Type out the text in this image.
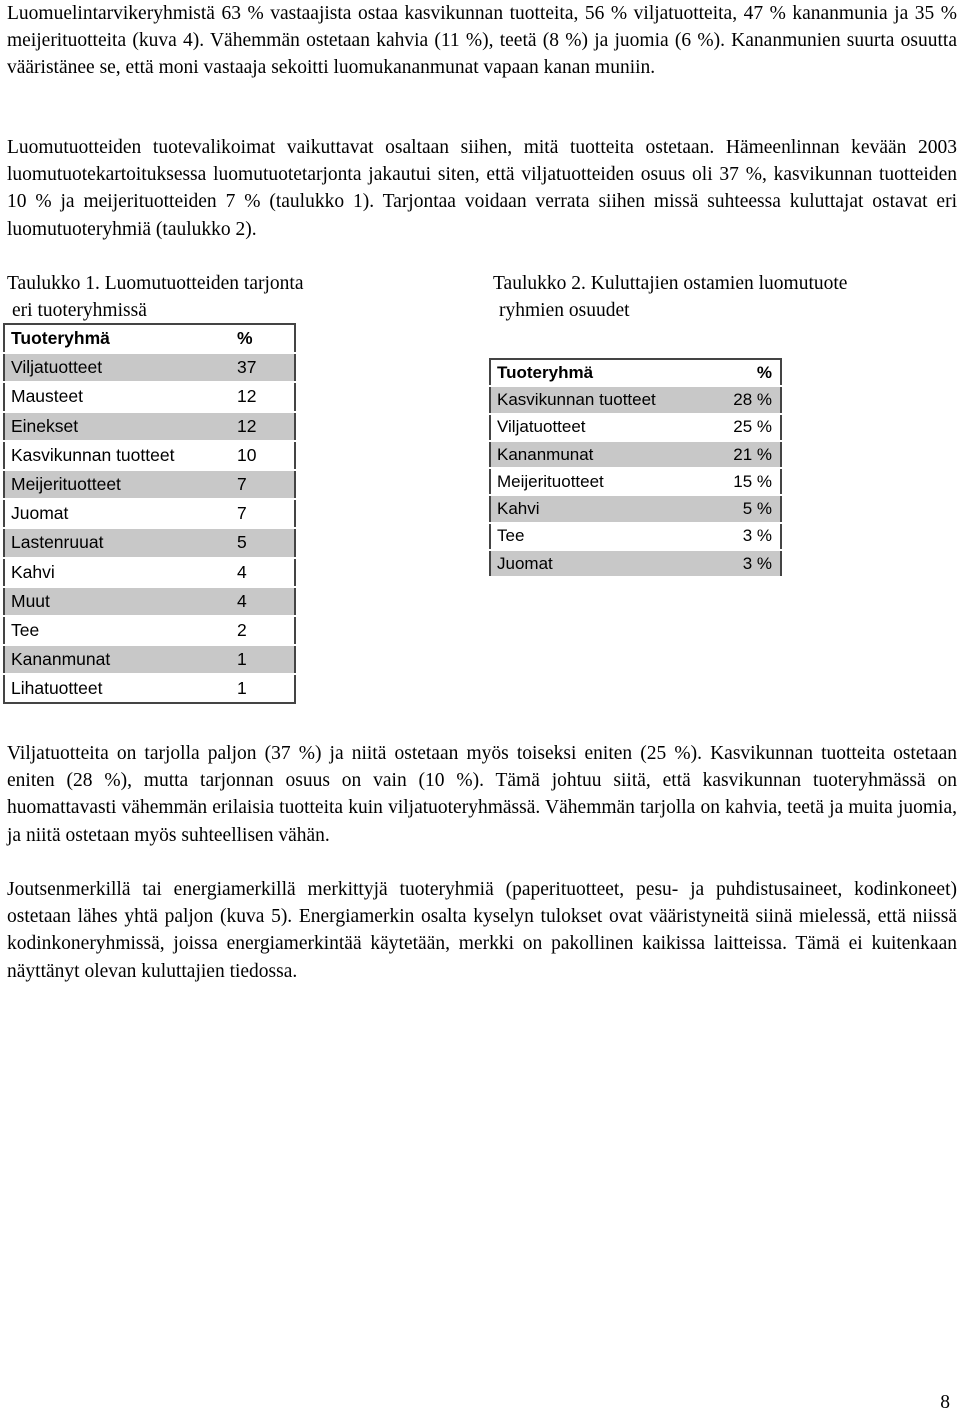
Luomuelintarvikeryhmistä 63 % vastaajista ostaa kasvikunnan tuotteita, 56 % viljatuotteita, 47 % kananmunia ja 35 % meijerituotteita (kuva 4). Vähemmän ostetaan kahvia (11 %), teetä (8 %) ja juomia (6 %). Kananmunien suurta osuutta vääristänee se, että moni vastaaja sekoitti luomukananmunat vapaan kanan muniin.

Luomutuotteiden tuotevalikoimat vaikuttavat osaltaan siihen, mitä tuotteita ostetaan. Hämeenlinnan kevään 2003 luomutuotekartoituksessa luomutuotetarjonta jakautui siten, että viljatuotteiden osuus oli 37 %, kasvikunnan tuotteiden 10 % ja meijerituotteiden 7 % (taulukko 1). Tarjontaa voidaan verrata siihen missä suhteessa kuluttajat ostavat eri luomutuoteryhmiä (taulukko 2).

Taulukko 1. Luomutuotteiden tarjonta
eri tuoteryhmissä
Tuoteryhmä	%
Viljatuotteet	37
Mausteet	12
Einekset	12
Kasvikunnan tuotteet	10
Meijerituotteet	7
Juomat	7
Lastenruuat	5
Kahvi	4
Muut	4
Tee	2
Kananmunat	1
Lihatuotteet	1
Taulukko 2. Kuluttajien ostamien luomutuote
ryhmien osuudet
Tuoteryhmä	%
Kasvikunnan tuotteet	28 %
Viljatuotteet	25 %
Kananmunat	21 %
Meijerituotteet	15 %
Kahvi	5 %
Tee	3 %
Juomat	3 %

Viljatuotteita on tarjolla paljon (37 %) ja niitä ostetaan myös toiseksi eniten (25 %). Kasvikunnan tuotteita ostetaan eniten (28 %), mutta tarjonnan osuus on vain (10 %). Tämä johtuu siitä, että kasvikunnan tuoteryhmässä on huomattavasti vähemmän erilaisia tuotteita kuin viljatuoteryhmässä. Vähemmän tarjolla on kahvia, teetä ja muita juomia, ja niitä ostetaan myös suhteellisen vähän.

Joutsenmerkillä tai energiamerkillä merkittyjä tuoteryhmiä (paperituotteet, pesu- ja puhdistusaineet, kodinkoneet) ostetaan lähes yhtä paljon (kuva 5). Energiamerkin osalta kyselyn tulokset ovat vääristyneitä siinä mielessä, että niissä kodinkoneryhmissä, joissa energiamerkintää käytetään, merkki on pakollinen kaikissa laitteissa. Tämä ei kuitenkaan näyttänyt olevan kuluttajien tiedossa.

8
